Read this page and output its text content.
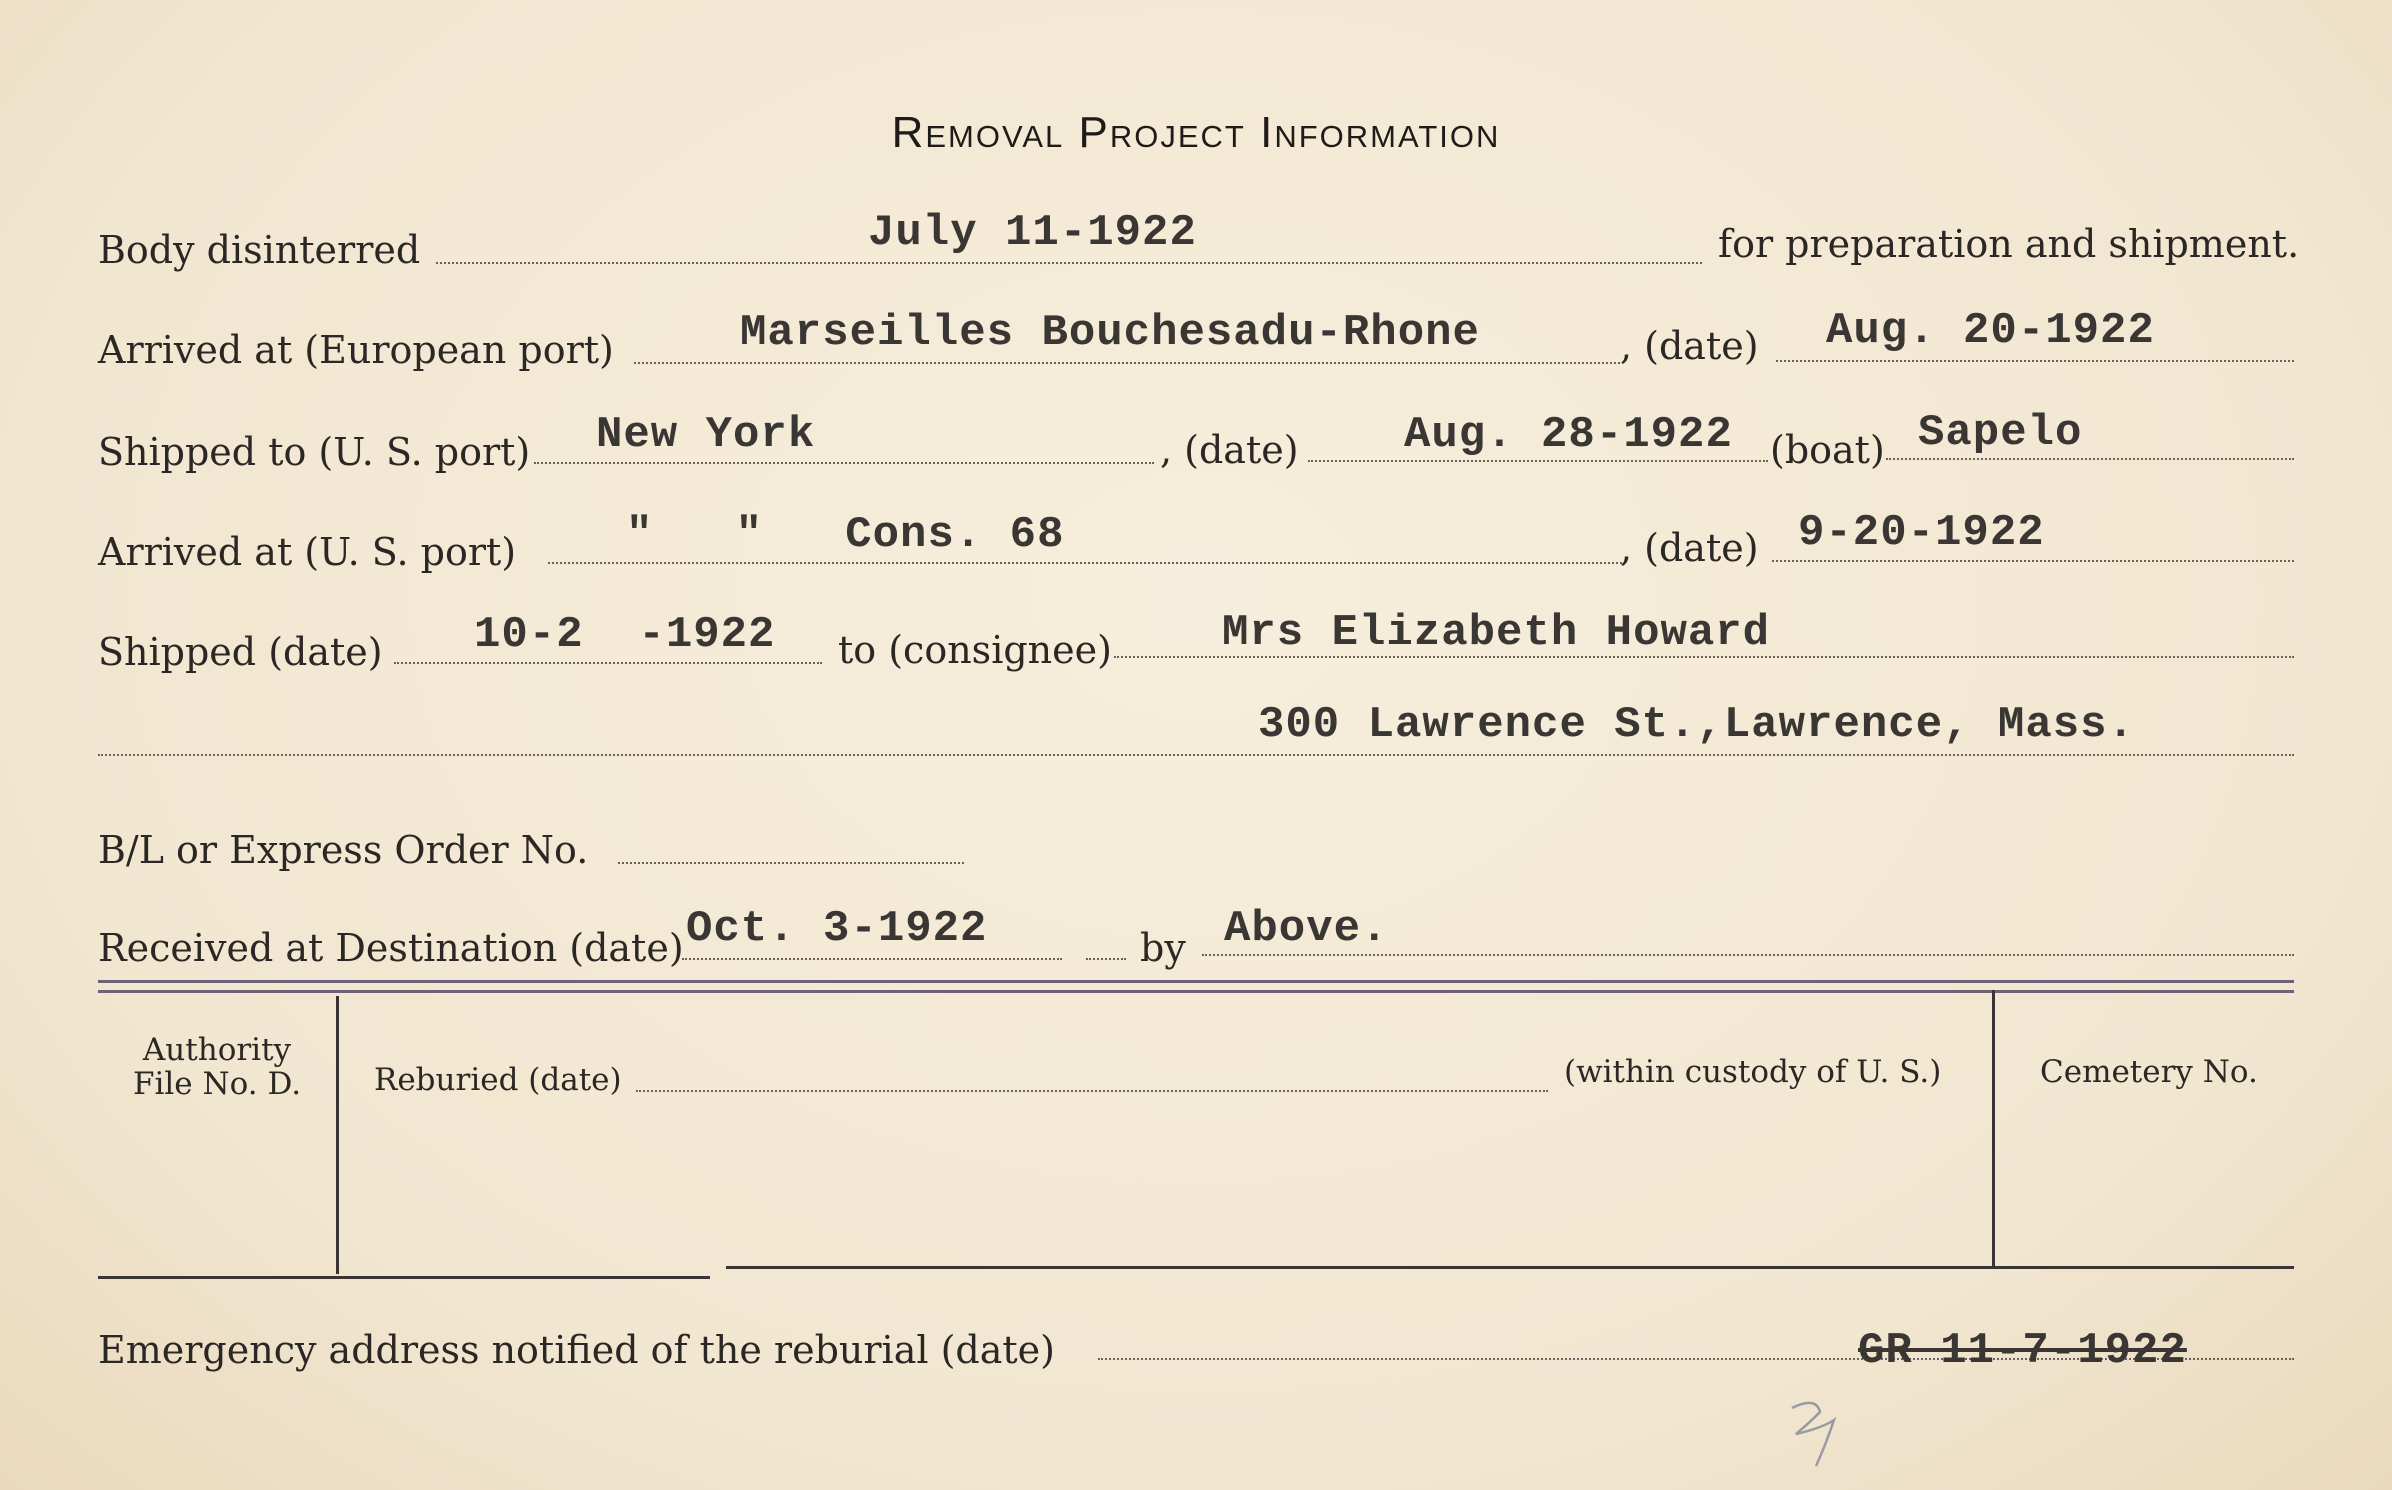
Removal Project Information
Body disinterred	July 11-1922	for preparation and shipment.
Arrived at (European port)	Marseilles Bouchesadu-Rhone	, (date) Aug. 20-1922
Shipped to (U. S. port) New York	, (date) Aug. 28-1922 (boat) Sapelo
Arrived at (U. S. port) "   "   Cons. 68	, (date) 9-20-1922
Shipped (date) 10-2  -1922 to (consignee)	Mrs Elizabeth Howard
300 Lawrence St.,Lawrence, Mass.
B/L or Express Order No.
Received at Destination (date) Oct. 3-1922	by Above.
Authority
File No. D.	Reburied (date)	(within custody of U. S.)	Cemetery No.
Emergency address notified of the reburial (date)	GR 11-7-1922
